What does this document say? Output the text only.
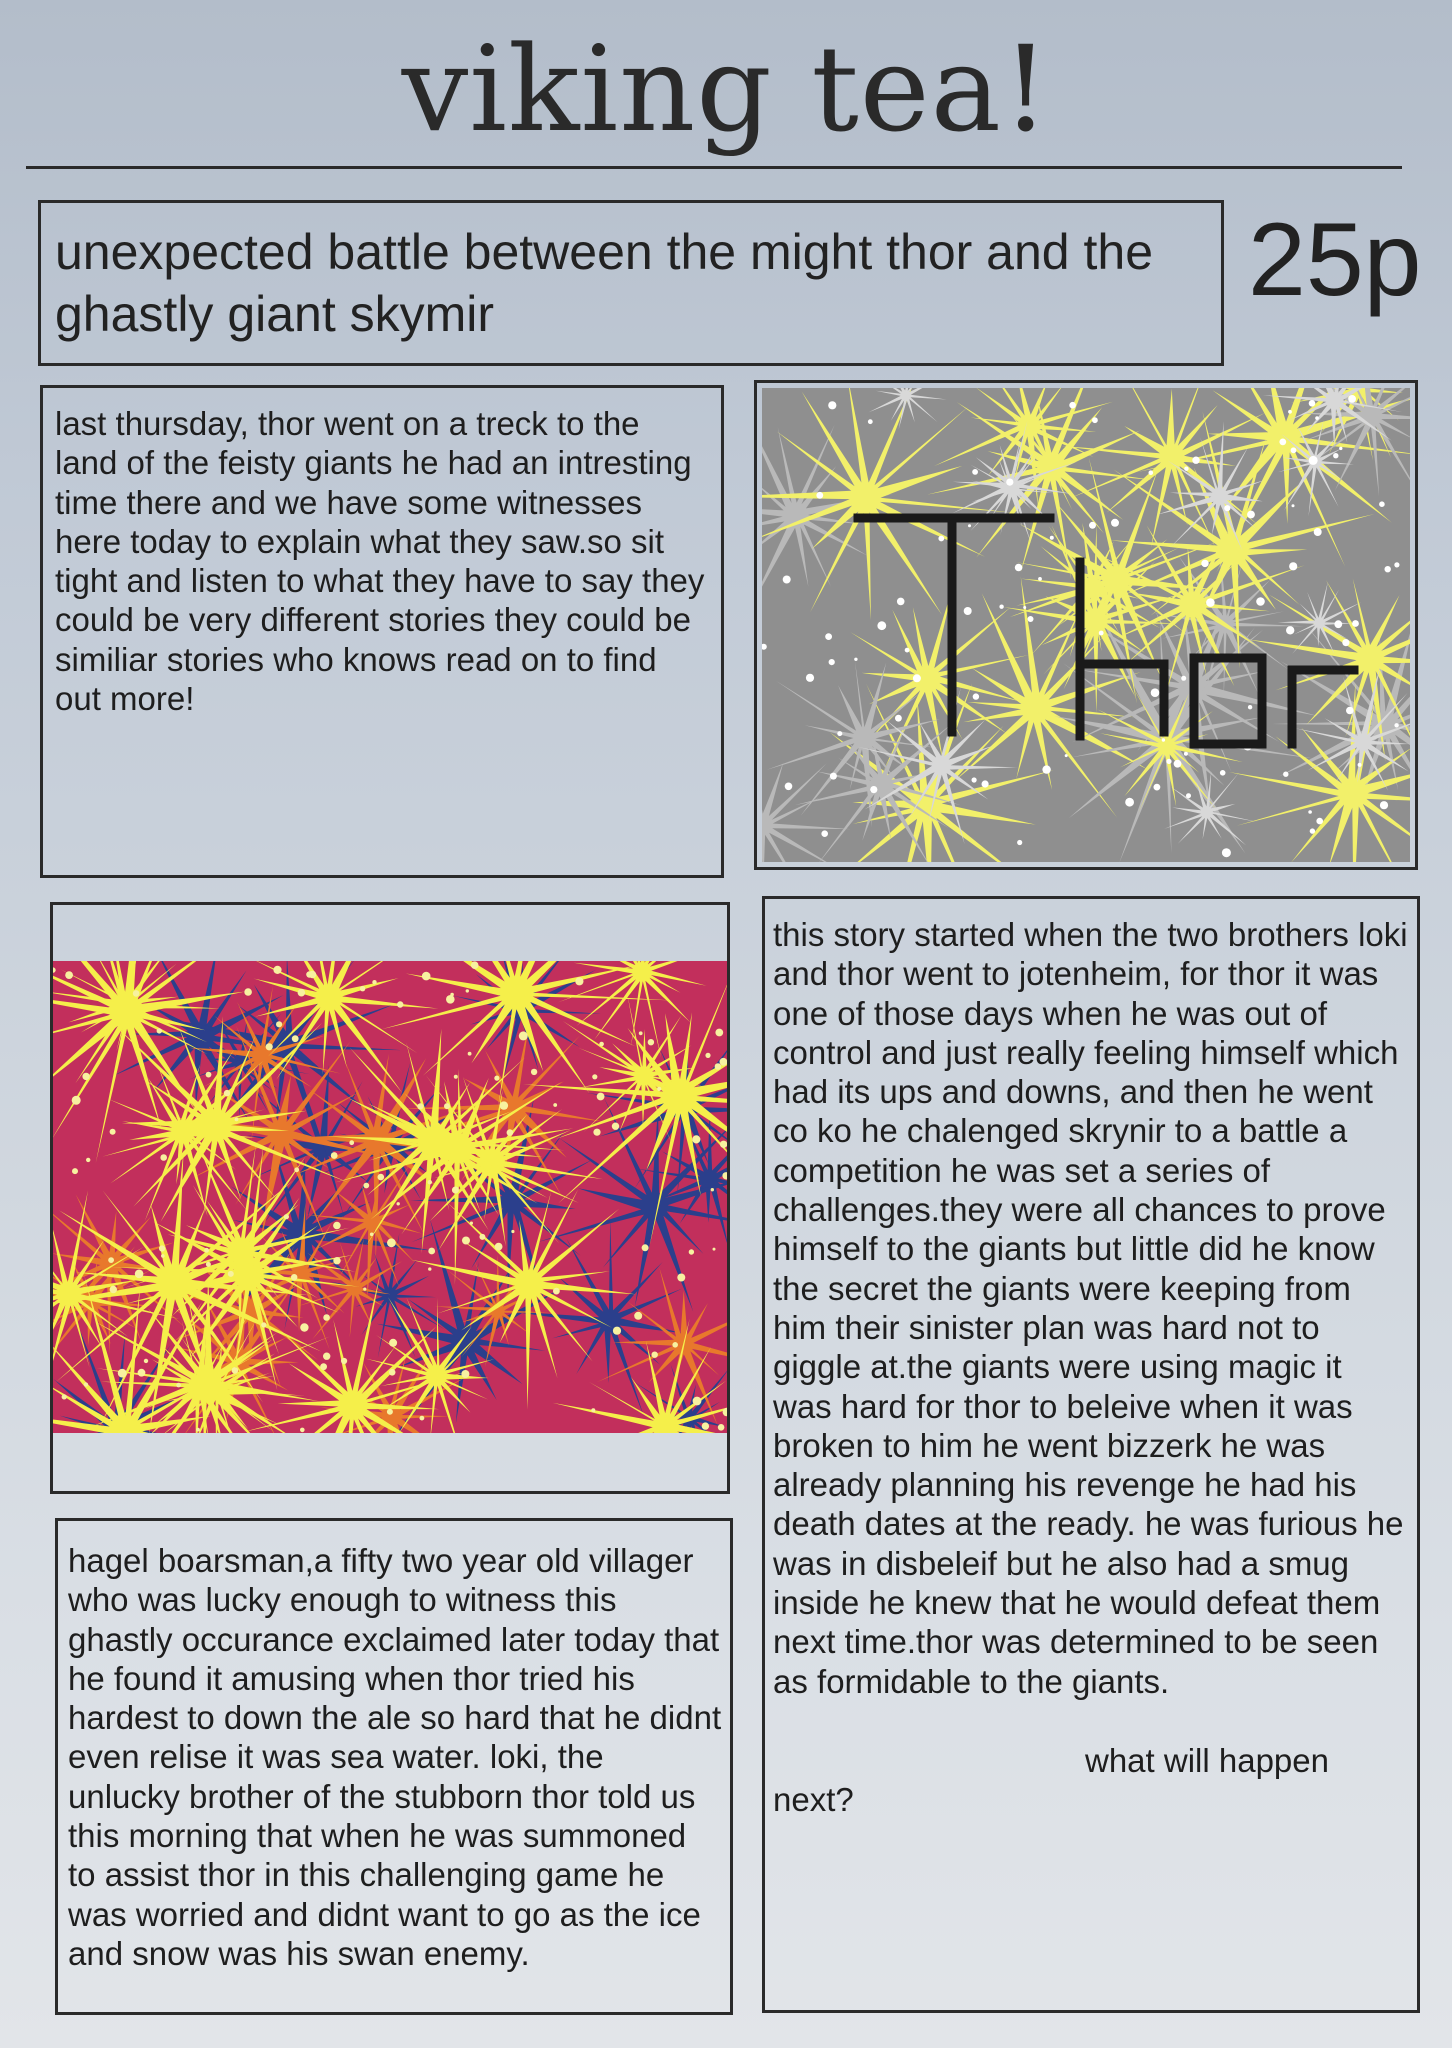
viking tea!
unexpected battle between the might thor and the ghastly giant skymir	25p
last thursday, thor went on a treck to the land of the feisty giants he had an intresting time there and we have some witnesses here today to explain what they saw.so sit tight and listen to what they have to say they could be very different stories they could be similiar stories who knows read on to find out more!
this story started when the two brothers loki and thor went to jotenheim, for thor it was one of those days when he was out of control and just really feeling himself which had its ups and downs, and then he went co ko he chalenged skrynir to a battle a competition he was set a series of challenges.they were all chances to prove himself to the giants but little did he know the secret the giants were keeping from him their sinister plan was hard not to giggle at.the giants were using magic it was hard for thor to beleive when it was broken to him he went bizzerk he was already planning his revenge he had his death dates at the ready. he was furious he was in disbeleif but he also had a smug inside he knew that he would defeat them next time.thor was determined to be seen as formidable to the giants.
what will happen
next?
hagel boarsman,a fifty two year old villager who was lucky enough to witness this ghastly occurance exclaimed later today that he found it amusing when thor tried his hardest to down the ale so hard that he didnt even relise it was sea water. loki, the unlucky brother of the stubborn thor told us this morning that when he was summoned to assist thor in this challenging game he was worried and didnt want to go as the ice and snow was his swan enemy.
